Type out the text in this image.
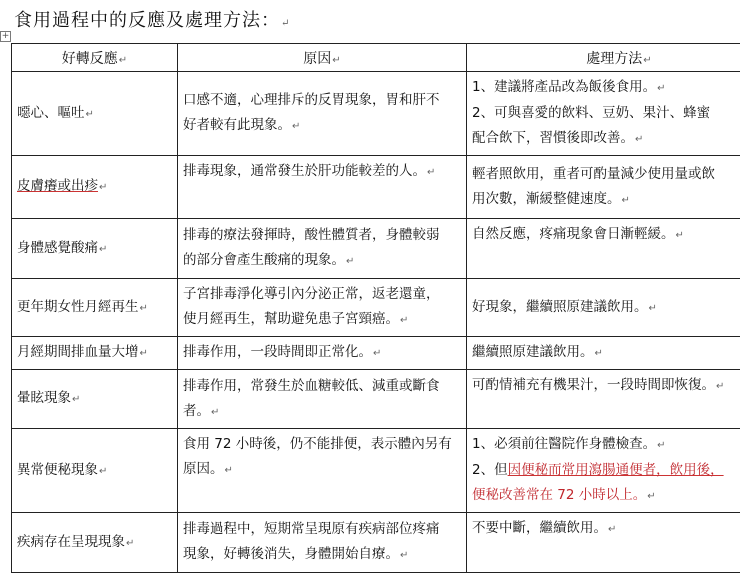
食用過程中的反應及處理方法：↵
+
好轉反應↵	原因↵	處理方法↵
噁心、嘔吐↵	口感不適，心理排斥的反胃現象，胃和肝不
好者較有此現象。↵	1、建議將產品改為飯後食用。↵
2、可與喜愛的飲料、豆奶、果汁、蜂蜜
配合飲下，習慣後即改善。↵

皮膚癢或出疹↵	排毒現象，通常發生於肝功能較差的人。↵	輕者照飲用，重者可酌量減少使用量或飲
用次數，漸緩整健速度。↵

身體感覺酸痛↵	排毒的療法發揮時，酸性體質者，身體較弱
的部分會產生酸痛的現象。↵	自然反應，疼痛現象會日漸輕緩。↵

更年期女性月經再生↵	子宮排毒淨化導引內分泌正常，返老還童，
使月經再生，幫助避免患子宮頸癌。↵	好現象，繼續照原建議飲用。↵

月經期間排血量大增↵	排毒作用，一段時間即正常化。↵	繼續照原建議飲用。↵

暈眩現象↵	排毒作用，常發生於血糖較低、減重或斷食
者。↵	可酌情補充有機果汁，一段時間即恢復。↵

異常便秘現象↵	食用 72 小時後，仍不能排便，表示體內另有
原因。↵	1、必須前往醫院作身體檢查。↵
2、但因便秘而常用瀉腸通便者，飲用後，
便秘改善常在 72 小時以上。↵

疾病存在呈現現象↵	排毒過程中，短期常呈現原有疾病部位疼痛
現象，好轉後消失，身體開始自療。↵	不要中斷，繼續飲用。↵
